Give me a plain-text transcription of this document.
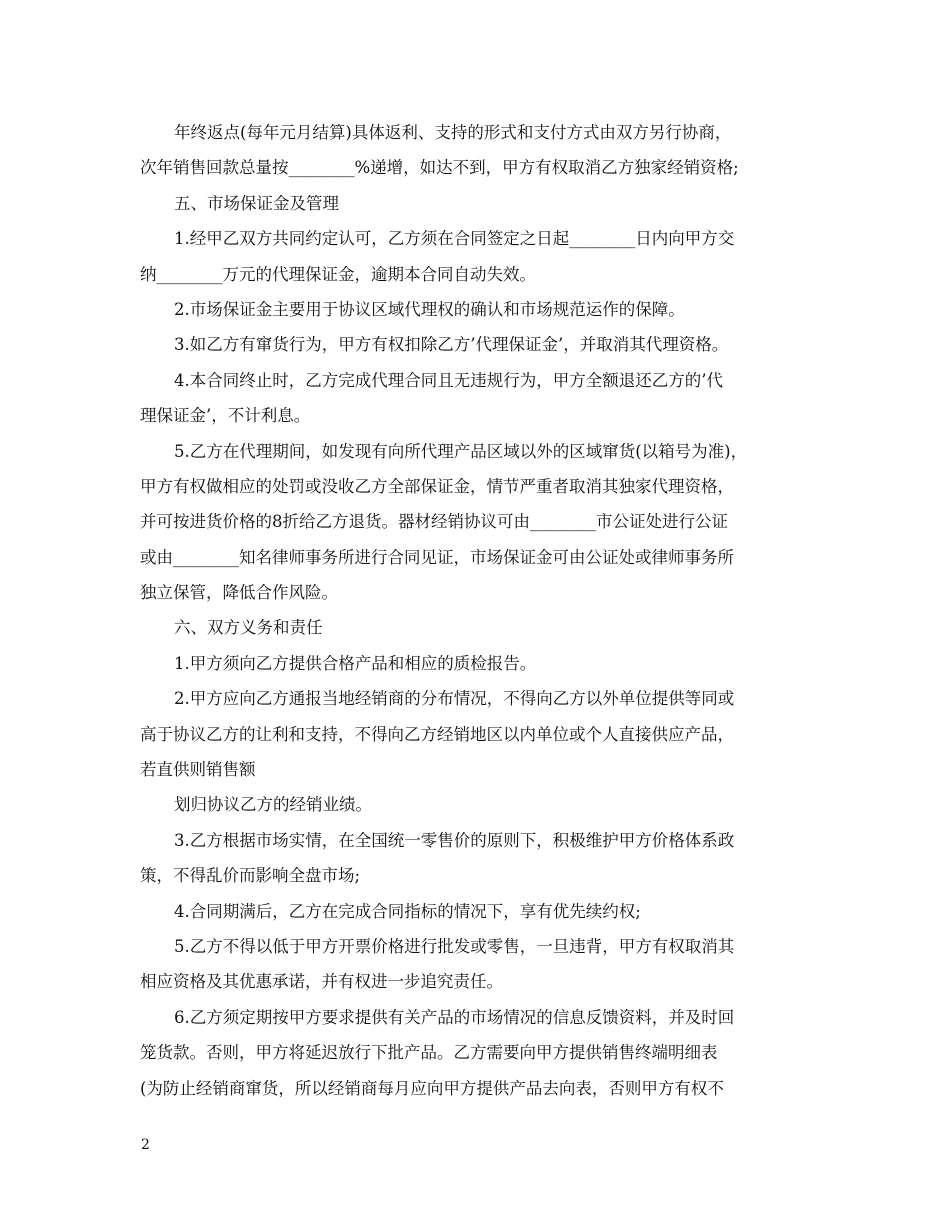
年终返点(每年元月结算)具体返利、支持的形式和支付方式由双方另行协商，
次年销售回款总量按________%递增，如达不到，甲方有权取消乙方独家经销资格;
五、市场保证金及管理
1.经甲乙双方共同约定认可，乙方须在合同签定之日起________日内向甲方交
纳________万元的代理保证金，逾期本合同自动失效。
2.市场保证金主要用于协议区域代理权的确认和市场规范运作的保障。
3.如乙方有窜货行为，甲方有权扣除乙方’代理保证金’，并取消其代理资格。
4.本合同终止时，乙方完成代理合同且无违规行为，甲方全额退还乙方的’代
理保证金’，不计利息。
5.乙方在代理期间，如发现有向所代理产品区域以外的区域窜货(以箱号为准)，
甲方有权做相应的处罚或没收乙方全部保证金，情节严重者取消其独家代理资格，
并可按进货价格的8折给乙方退货。器材经销协议可由________市公证处进行公证
或由________知名律师事务所进行合同见证，市场保证金可由公证处或律师事务所
独立保管，降低合作风险。
六、双方义务和责任
1.甲方须向乙方提供合格产品和相应的质检报告。
2.甲方应向乙方通报当地经销商的分布情况，不得向乙方以外单位提供等同或
高于协议乙方的让利和支持，不得向乙方经销地区以内单位或个人直接供应产品，
若直供则销售额
划归协议乙方的经销业绩。
3.乙方根据市场实情，在全国统一零售价的原则下，积极维护甲方价格体系政
策，不得乱价而影响全盘市场;
4.合同期满后，乙方在完成合同指标的情况下，享有优先续约权;
5.乙方不得以低于甲方开票价格进行批发或零售，一旦违背，甲方有权取消其
相应资格及其优惠承诺，并有权进一步追究责任。
6.乙方须定期按甲方要求提供有关产品的市场情况的信息反馈资料，并及时回
笼货款。否则，甲方将延迟放行下批产品。乙方需要向甲方提供销售终端明细表
(为防止经销商窜货，所以经销商每月应向甲方提供产品去向表，否则甲方有权不
2
